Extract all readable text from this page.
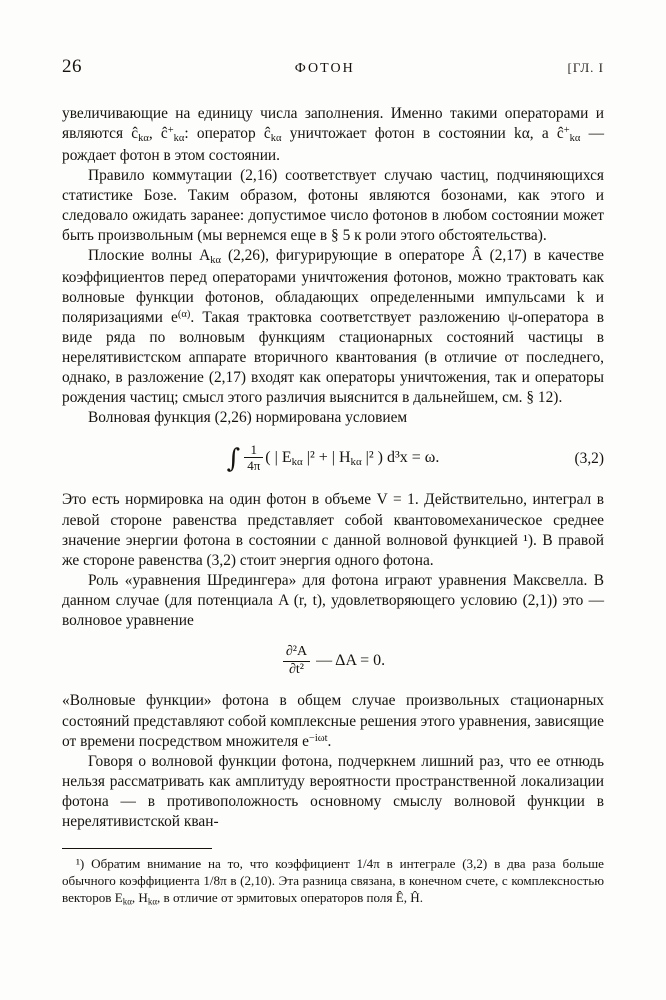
26	ФОТОН	[ГЛ. I

увеличивающие на единицу числа заполнения. Именно такими операторами и являются $ĉ_{k\alpha}$, $ĉ^+_{k\alpha}$: оператор $ĉ_{k\alpha}$ уничтожает фотон в состоянии kα, а $ĉ^+_{k\alpha}$ — рождает фотон в этом состоянии.

Правило коммутации (2,16) соответствует случаю частиц, подчиняющихся статистике Бозе. Таким образом, фотоны являются бозонами, как этого и следовало ожидать заранее: допустимое число фотонов в любом состоянии может быть произвольным (мы вернемся еще в § 5 к роли этого обстоятельства).

Плоские волны $A_{k\alpha}$ (2,26), фигурирующие в операторе Â (2,17) в качестве коэффициентов перед операторами уничтожения фотонов, можно трактовать как волновые функции фотонов, обладающих определенными импульсами k и поляризациями $e^{(\alpha)}$. Такая трактовка соответствует разложению ψ-оператора в виде ряда по волновым функциям стационарных состояний частицы в нерелятивистском аппарате вторичного квантования (в отличие от последнего, однако, в разложение (2,17) входят как операторы уничтожения, так и операторы рождения частиц; смысл этого различия выяснится в дальнейшем, см. § 12).

Волновая функция (2,26) нормирована условием

∫ $\frac{1}{4\pi}$ ( | $E_{k\alpha}$ |² + | $H_{k\alpha}$ |² ) d³x = ω.	(3,2)

Это есть нормировка на один фотон в объеме V = 1. Действительно, интеграл в левой стороне равенства представляет собой квантовомеханическое среднее значение энергии фотона в состоянии с данной волновой функцией ¹). В правой же стороне равенства (3,2) стоит энергия одного фотона.

Роль «уравнения Шредингера» для фотона играют уравнения Максвелла. В данном случае (для потенциала A (r, t), удовлетворяющего условию (2,1)) это — волновое уравнение

$\frac{\text{∂²A}}{\text{∂t²}}$ — ΔA = 0.

«Волновые функции» фотона в общем случае произвольных стационарных состояний представляют собой комплексные решения этого уравнения, зависящие от времени посредством множителя $e^{-i\omega t}$.

Говоря о волновой функции фотона, подчеркнем лишний раз, что ее отнюдь нельзя рассматривать как амплитуду вероятности пространственной локализации фотона — в противоположность основному смыслу волновой функции в нерелятивистской кван-

¹) Обратим внимание на то, что коэффициент 1/4π в интеграле (3,2) в два раза больше обычного коэффициента 1/8π в (2,10). Эта разница связана, в конечном счете, с комплексностью векторов $E_{k\alpha}$, $H_{k\alpha}$, в отличие от эрмитовых операторов поля Ê, Ĥ.
